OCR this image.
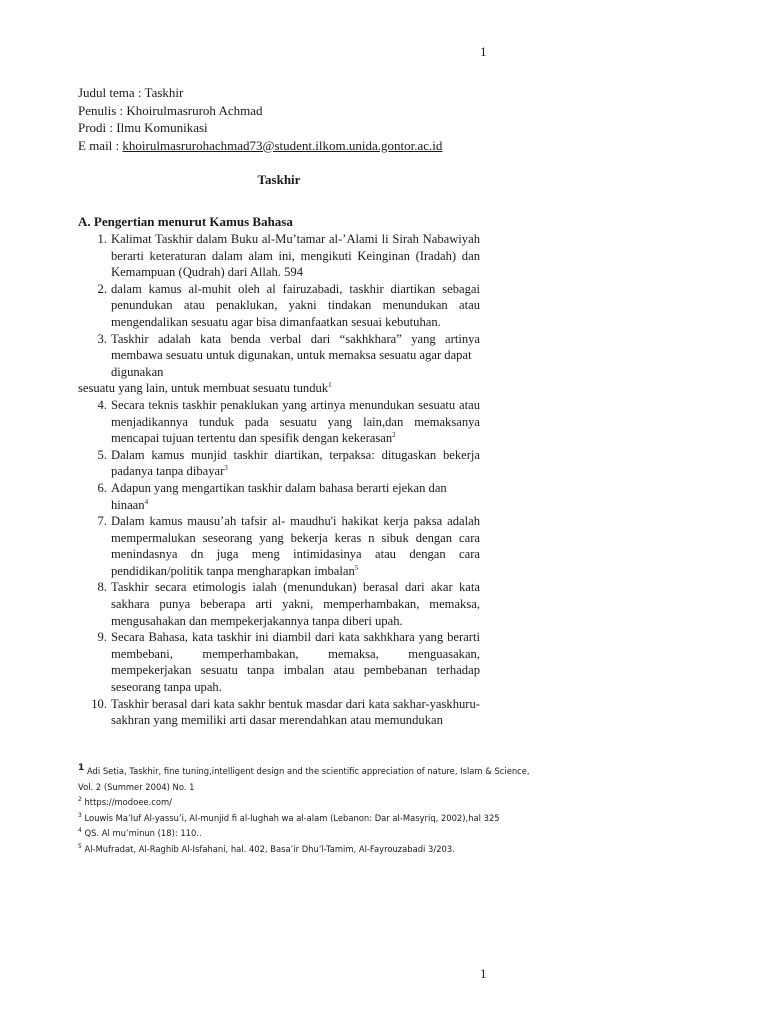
1
Judul tema : Taskhir
Penulis : Khoirulmasruroh Achmad
Prodi : Ilmu Komunikasi
E mail : khoirulmasrurohachmad73@student.ilkom.unida.gontor.ac.id
Taskhir
A. Pengertian menurut Kamus Bahasa
1. Kalimat Taskhir dalam Buku al-Mu’tamar al-’Alami li Sirah Nabawiyah berarti keteraturan dalam alam ini, mengikuti Keinginan (Iradah) dan Kemampuan (Qudrah) dari Allah. 594
2. dalam kamus al-muhit oleh al fairuzabadi, taskhir diartikan sebagai penundukan atau penaklukan, yakni tindakan menundukan atau mengendalikan sesuatu agar bisa dimanfaatkan sesuai kebutuhan.
3. Taskhir adalah kata benda verbal dari “sakhkhara” yang artinya
membawa sesuatu untuk digunakan, untuk memaksa sesuatu agar dapat
digunakan
sesuatu yang lain, untuk membuat sesuatu tunduk$^1$
4. Secara teknis taskhir penaklukan yang artinya menundukan sesuatu atau menjadikannya tunduk pada sesuatu yang lain,dan memaksanya mencapai tujuan tertentu dan spesifik dengan kekerasan$^2$
5. Dalam kamus munjid taskhir diartikan, terpaksa: ditugaskan bekerja padanya tanpa dibayar$^3$
6. Adapun yang mengartikan taskhir dalam bahasa berarti ejekan dan hinaan$^4$
7. Dalam kamus mausu’ah tafsir al- maudhu'i hakikat kerja paksa adalah mempermalukan seseorang yang bekerja keras n sibuk dengan cara menindasnya dn juga meng intimidasinya atau dengan cara pendidikan/politik tanpa mengharapkan imbalan$^5$
8. Taskhir secara etimologis ialah (menundukan) berasal dari akar kata sakhara punya beberapa arti yakni, memperhambakan, memaksa, mengusahakan dan mempekerjakannya tanpa diberi upah.
9. Secara Bahasa, kata taskhir ini diambil dari kata sakhkhara yang berarti membebani, memperhambakan, memaksa, menguasakan, mempekerjakan sesuatu tanpa imbalan atau pembebanan terhadap seseorang tanpa upah.
10. Taskhir berasal dari kata sakhr bentuk masdar dari kata sakhar-yaskhuru-sakhran yang memiliki arti dasar merendahkan atau memundukan
$^1$ Adi Setia, Taskhir, fine tuning,intelligent design and the scientific appreciation of nature, Islam & Science,
Vol. 2 (Summer 2004) No. 1
$^2$ https://modoee.com/
$^3$ Louwis Ma’luf Al-yassu’i, Al-munjid fi al-lughah wa al-alam (Lebanon: Dar al-Masyriq, 2002),hal 325
$^4$ QS. Al mu’minun (18): 110..
$^5$ Al-Mufradat, Al-Raghib Al-Isfahani, hal. 402, Basa’ir Dhu’l-Tamim, Al-Fayrouzabadi 3/203.
1
